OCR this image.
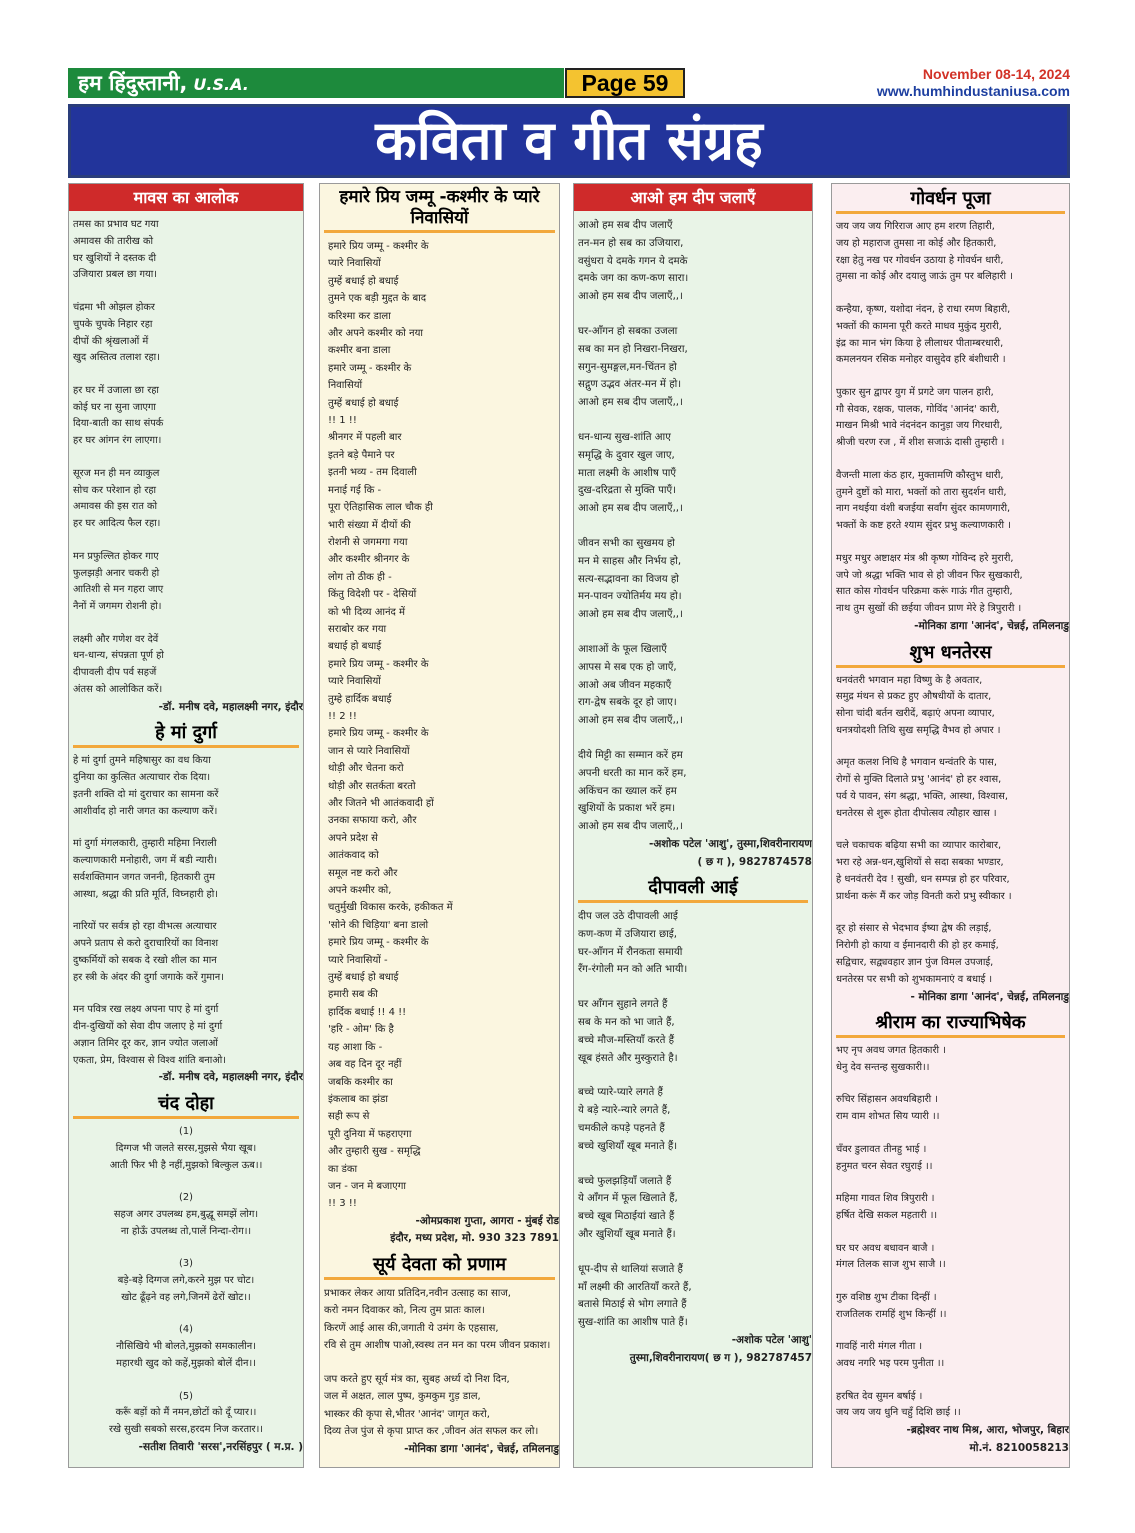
हम हिंदुस्तानी, U.S.A.	Page 59	November 08-14, 2024
www.humhindustaniusa.com
कविता व गीत संग्रह
मावस का आलोक
तमस का प्रभाव घट गया
अमावस की तारीख को
घर खुशियों ने दस्तक दी
उजियारा प्रबल छा गया।
चंद्रमा भी ओझल होकर
चुपके चुपके निहार रहा
दीपों की श्रृंखलाओं में
खुद अस्तित्व तलाश रहा।
हर घर में उजाला छा रहा
कोई घर ना सुना जाएगा
दिया-बाती का साथ संपर्क
हर घर आंगन रंग लाएगा।
सूरज मन ही मन व्याकुल
सोच कर परेशान हो रहा
अमावस की इस रात को
हर घर आदित्य फैल रहा।
मन प्रफुल्लित होकर गाए
फुलझड़ी अनार चकरी हो
आतिशी से मन गहरा जाए
नैनों में जगमग रोशनी हो।
लक्ष्मी और गणेश वर देवें
धन-धान्य, संपन्नता पूर्ण हो
दीपावली दीप पर्व सहजें
अंतस को आलोकित करें।
-डॉ. मनीष दवे, महालक्ष्मी नगर, इंदौर
हे मां दुर्गा
हे मां दुर्गा तुमने महिषासुर का वध किया
दुनिया का कुत्सित अत्याचार रोक दिया।
इतनी शक्ति दो मां दुराचार का सामना करें
आशीर्वाद हो नारी जगत का कल्याण करें।
मां दुर्गा मंगलकारी, तुम्हारी महिमा निराली
कल्याणकारी मनोहारी, जग में बडी न्यारी।
सर्वशक्तिमान जगत जननी, हितकारी तुम
आस्था, श्रद्धा की प्रति मूर्ति, विघ्नहारी हो।
नारियों पर सर्वत्र हो रहा वीभत्स अत्याचार
अपने प्रताप से करो दुराचारियों का विनाश
दुष्कर्मियों को सबक दे रखो शील का मान
हर स्त्री के अंदर की दुर्गा जगाके करें गुमान।
मन पवित्र रख लक्ष्य अपना पाए हे मां दुर्गा
दीन-दुखियों को सेवा दीप जलाए हे मां दुर्गा
अज्ञान तिमिर दूर कर, ज्ञान ज्योत जलाओं
एकता, प्रेम, विश्वास से विश्व शांति बनाओ।
-डॉ. मनीष दवे, महालक्ष्मी नगर, इंदौर
चंद दोहा
(1)
दिग्गज भी जलते सरस,मुझसे भैया खूब।
आती फिर भी है नहीं,मुझको बिल्कुल ऊब।।
(2)
सहज अगर उपलब्ध हम,बुद्धू समझें लोग।
ना होऊँ उपलब्ध तो,पालें निन्दा-रोग।।
(3)
बड़े-बड़े दिग्गज लगे,करने मुझ पर चोट।
खोट ढूँढ़ने वह लगे,जिनमें ढेरों खोट।।
(4)
नौसिखिये भी बोलते,मुझको समकालीन।
महारथी खुद को कहें,मुझको बोलें दीन।।
(5)
करूँ बड़ों को मैं नमन,छोटों को दूँ प्यार।।
रखे सुखी सबको सरस,हरदम निज करतार।।
-सतीश तिवारी 'सरस',नरसिंहपुर ( म.प्र. )
हमारे प्रिय जम्मू -कश्मीर के प्यारे निवासियों
हमारे प्रिय जम्मू - कश्मीर के
प्यारे निवासियों
तुम्हें बधाई हो बधाई
तुमने एक बड़ी मुद्दत के बाद
करिश्मा कर डाला
और अपने कश्मीर को नया
कश्मीर बना डाला
हमारे जम्मू - कश्मीर के
निवासियों
तुम्हें बधाई हो बधाई
!! 1 !!
श्रीनगर में पहली बार
इतने बड़े पैमाने पर
इतनी भव्य - तम दिवाली
मनाई गई कि -
पूरा ऐतिहासिक लाल चौक ही
भारी संख्या में दीयों की
रोशनी से जगमगा गया
और कश्मीर श्रीनगर के
लोग तो ठीक ही -
किंतु विदेशी पर - देसियों
को भी दिव्य आनंद में
सराबोर कर गया
बधाई हो बधाई
हमारे प्रिय जम्मू - कश्मीर के
प्यारे निवासियों
तुम्हे हार्दिक बधाई
!! 2 !!
हमारे प्रिय जम्मू - कश्मीर के
जान से प्यारे निवासियों
थोड़ी और चेतना करो
थोड़ी और सतर्कता बरतो
और जितने भी आतंकवादी हों
उनका सफाया करो, और
अपने प्रदेश से
आतंकवाद को
समूल नष्ट करो और
अपने कश्मीर को,
चतुर्मुखी विकास करके, हकीकत में
'सोने की चिड़िया' बना डालो
हमारे प्रिय जम्मू - कश्मीर के
प्यारे निवासियों -
तुम्हें बधाई हो बधाई
हमारी सब की
हार्दिक बधाई !! 4 !!
'हरि - ओम' कि है
यह आशा कि -
अब वह दिन दूर नहीं
जबकि कश्मीर का
इंकलाब का झंडा
सही रूप से
पूरी दुनिया में फहराएगा
और तुम्हारी सुख - समृद्धि
का डंका
जन - जन मे बजाएगा
!! 3 !!
-ओमप्रकाश गुप्ता, आगरा - मुंबई रोड
इंदौर, मध्य प्रदेश, मो. 930 323 7891
सूर्य देवता को प्रणाम
प्रभाकर लेकर आया प्रतिदिन,नवीन उत्साह का साज,
करो नमन दिवाकर को, नित्य तुम प्रातः काल।
किरणें आई आस की,जगाती ये उमंग के एहसास,
रवि से तुम आशीष पाओ,स्वस्थ तन मन का परम जीवन प्रकाश।
जप करते हुए सूर्य मंत्र का, सुबह अर्ध्य दो निश दिन,
जल में अक्षत, लाल पुष्प, कुमकुम गुड़ डाल,
भास्कर की कृपा से,भीतर 'आनंद' जागृत करो,
दिव्य तेज पुंज से कृपा प्राप्त कर ,जीवन अंत सफल कर लो।
-मोनिका डागा 'आनंद', चेन्नई, तमिलनाडु
आओ हम दीप जलाएँ
आओ हम सब दीप जलाएँ
तन-मन हो सब का उजियारा,
वसुंधरा ये दमके गगन ये दमके
दमके जग का कण-कण सारा।
आओ हम सब दीप जलाएँ,,।
घर-आँगन हो सबका उजला
सब का मन हो निखरा-निखरा,
सगुन-सुमङ्गल,मन-चिंतन हो
सद्गुण उद्भव अंतर-मन में हो।
आओ हम सब दीप जलाएँ,,।
धन-धान्य सुख-शांति आए
समृद्धि के दुवार खुल जाए,
माता लक्ष्मी के आशीष पाएँ
दुख-दरिद्रता से मुक्ति पाएँ।
आओ हम सब दीप जलाएँ,,।
जीवन सभी का सुखमय हो
मन मे साहस और निर्भय हो,
सत्य-सद्भावना का विजय हो
मन-पावन ज्योतिर्मय मय हो।
आओ हम सब दीप जलाएँ,,।
आशाओं के फूल खिलाएँ
आपस मे सब एक हो जाएँ,
आओ अब जीवन महकाएँ
राग-द्वेष सबके दूर हो जाए।
आओ हम सब दीप जलाएँ,,।
दीये मिट्टी का सम्मान करें हम
अपनी धरती का मान करें हम,
अकिंचन का ख्याल करें हम
खुशियों के प्रकाश भरें हम।
आओ हम सब दीप जलाएँ,,।
-अशोक पटेल 'आशु', तुस्मा,शिवरीनारायण
( छ ग ), 9827874578
दीपावली आई
दीप जल उठे दीपावली आई
कण-कण में उजियारा छाई,
घर-आँगन में रौनकता समायी
रँग-रंगोली मन को अति भायी।
घर आँगन सुहाने लगते हैं
सब के मन को भा जाते हैं,
बच्चे मौज-मस्तियाँ करते हैं
खूब हंसते और मुस्कुराते है।
बच्चे प्यारे-प्यारे लगते हैं
ये बड़े न्यारे-न्यारे लगते हैं,
चमकीले कपड़े पहनते हैं
बच्चे खुशियाँ खूब मनाते हैं।
बच्चे फुलझड़ियाँ जलाते हैं
ये आँगन में फूल खिलाते हैं,
बच्चे खूब मिठाईयां खाते हैं
और खुशियाँ खूब मनाते हैं।
धूप-दीप से थालियां सजाते हैं
माँ लक्ष्मी की आरतियाँ करते हैं,
बतासे मिठाई से भोग लगाते हैं
सुख-शांति का आशीष पाते हैं।
-अशोक पटेल 'आशु'
तुस्मा,शिवरीनारायण( छ ग ), 982787457
गोवर्धन पूजा
जय जय जय गिरिराज आए हम शरण तिहारी,
जय हो महाराज तुमसा ना कोई और हितकारी,
रक्षा हेतु नख पर गोवर्धन उठाया हे गोवर्धन धारी,
तुमसा ना कोई और दयालु जाऊं तुम पर बलिहारी ।
कन्हैया, कृष्ण, यशोदा नंदन, हे राधा रमण बिहारी,
भक्तों की कामना पूरी करते माधव मुकुंद मुरारी,
इंद्र का मान भंग किया हे लीलाधर पीताम्बरधारी,
कमलनयन रसिक मनोहर वासुदेव हरि बंशीधारी ।
पुकार सुन द्वापर युग में प्रगटे जग पालन हारी,
गौ सेवक, रक्षक, पालक, गोविंद 'आनंद' कारी,
माखन मिश्री भावे नंदनंदन कानुड़ा जय गिरधारी,
श्रीजी चरण रज , में शीश सजाऊं दासी तुम्हारी ।
वैजन्ती माला कंठ हार, मुक्तामणि कौस्तुभ धारी,
तुमने दुष्टों को मारा, भक्तों को तारा सुदर्शन धारी,
नाग नथईया वंशी बजईया सर्वांग सुंदर कामणगारी,
भक्तों के कष्ट हरते श्याम सुंदर प्रभु कल्याणकारी ।
मधुर मधुर अष्टाक्षर मंत्र श्री कृष्ण गोविन्द हरे मुरारी,
जपे जो श्रद्धा भक्ति भाव से हो जीवन फिर सुखकारी,
सात कोस गोवर्धन परिक्रमा करूं गाऊं गीत तुम्हारी,
नाथ तुम सुखों की छईया जीवन प्राण मेरे हे त्रिपुरारी ।
-मोनिका डागा 'आनंद', चेन्नई, तमिलनाडु
शुभ धनतेरस
धनवंतरी भगवान महा विष्णु के है अवतार,
समुद्र मंथन से प्रकट हुए औषधीयों के दातार,
सोना चांदी बर्तन खरीदें, बढ़ाएं अपना व्यापार,
धनत्रयोदशी तिथि सुख समृद्धि वैभव हो अपार ।
अमृत कलश निधि है भगवान धन्वंतरि के पास,
रोगों से मुक्ति दिलाते प्रभु 'आनंद' हो हर श्वास,
पर्व ये पावन, संग श्रद्धा, भक्ति, आस्था, विश्वास,
धनतेरस से शुरू होता दीपोत्सव त्यौहार खास ।
चले चकाचक बढ़िया सभी का व्यापार कारोबार,
भरा रहे अन्न-धन,खुशियों से सदा सबका भण्डार,
हे धनवंतरी देव ! सुखी, धन सम्पन्न हो हर परिवार,
प्रार्थना करूं मैं कर जोड़ विनती करो प्रभु स्वीकार ।
दूर हो संसार से भेदभाव ईष्या द्वेष की लड़ाई,
निरोगी हो काया व ईमानदारी की हो हर कमाई,
सद्विचार, सद्व्यवहार ज्ञान पुंज विमल उपजाई,
धनतेरस पर सभी को शुभकामनाएं व बधाई ।
- मोनिका डागा 'आनंद', चेन्नई, तमिलनाडु
श्रीराम का राज्याभिषेक
भए नृप अवध जगत हितकारी ।
धेनु देव सन्तन्ह सुखकारी।।
रुचिर सिंहासन अवधबिहारी ।
राम वाम शोभत सिय प्यारी ।।
चँवर डुलावत तीनहु भाई ।
हनुमत चरन सेवत रघुराई ।।
महिमा गावत शिव त्रिपुरारी ।
हर्षित देखि सकल महतारी ।।
घर घर अवध बधावन बाजै ।
मंगल तिलक साज शुभ साजै ।।
गुरु वशिष्ठ शुभ टीका दिन्हीं ।
राजतिलक रामहिं शुभ किन्हीं ।।
गावहिं नारी मंगल गीता ।
अवध नगरि भइ परम पुनीता ।।
हरषित देव सुमन बर्षाई ।
जय जय जय धुनि चहुँ दिशि छाई ।।
-ब्रह्मेश्वर नाथ मिश्र, आरा, भोजपुर, बिहार
मो.नं. 8210058213
